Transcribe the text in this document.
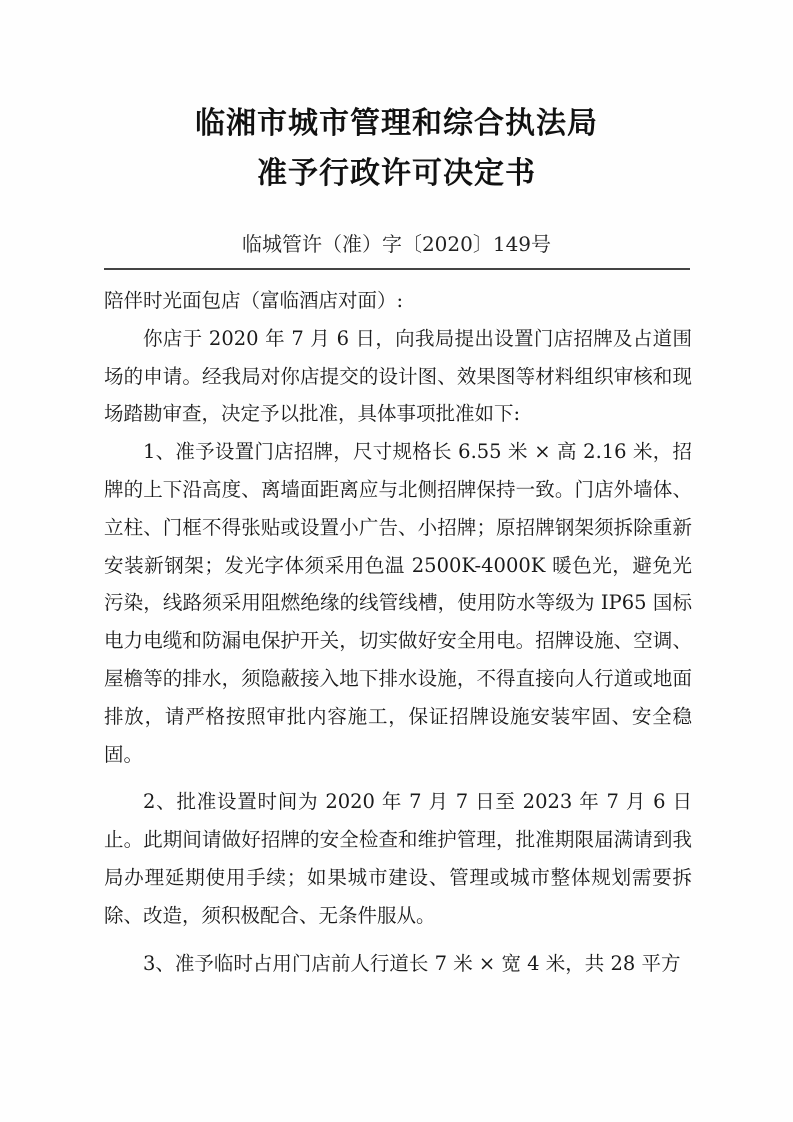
临湘市城市管理和综合执法局
准予行政许可决定书
临城管许（准）字〔2020〕149号

陪伴时光面包店（富临酒店对面）:

你店于 2020 年 7 月 6 日，向我局提出设置门店招牌及占道围场的申请。经我局对你店提交的设计图、效果图等材料组织审核和现场踏勘审查，决定予以批准，具体事项批准如下:

1、准予设置门店招牌，尺寸规格长 6.55 米 × 高 2.16 米，招牌的上下沿高度、离墙面距离应与北侧招牌保持一致。门店外墙体、立柱、门框不得张贴或设置小广告、小招牌；原招牌钢架须拆除重新安装新钢架；发光字体须采用色温 2500K-4000K 暖色光，避免光污染，线路须采用阻燃绝缘的线管线槽，使用防水等级为 IP65 国标电力电缆和防漏电保护开关，切实做好安全用电。招牌设施、空调、屋檐等的排水，须隐蔽接入地下排水设施，不得直接向人行道或地面排放，请严格按照审批内容施工，保证招牌设施安装牢固、安全稳固。

2、批准设置时间为 2020 年 7 月 7 日至 2023 年 7 月 6 日止。此期间请做好招牌的安全检查和维护管理，批准期限届满请到我局办理延期使用手续；如果城市建设、管理或城市整体规划需要拆除、改造，须积极配合、无条件服从。

3、准予临时占用门店前人行道长 7 米 × 宽 4 米，共 28 平方
